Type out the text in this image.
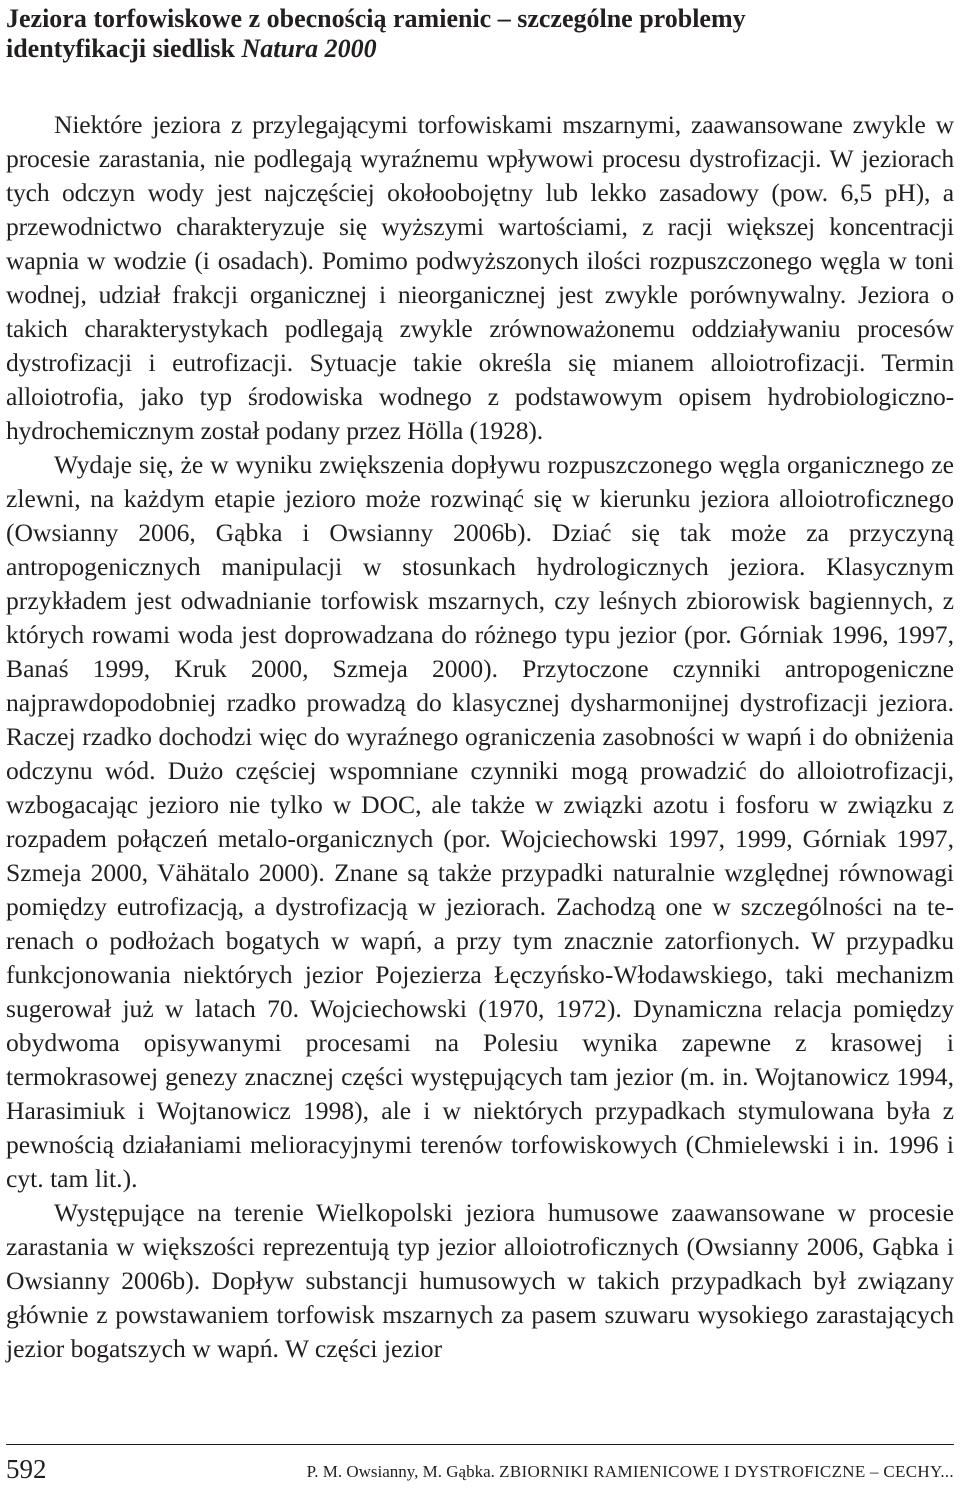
Jeziora torfowiskowe z obecnością ramienic – szczególne problemy
identyfikacji siedlisk Natura 2000

Niektóre jeziora z przylegającymi torfowiskami mszarnymi, zaawansowane zwykle w procesie zarastania, nie podlegają wyraźnemu wpływowi procesu dystrofizacji. W jeziorach tych odczyn wody jest najczęściej okołoobojętny lub lekko zasadowy (pow. 6,5 pH), a przewodnictwo charakteryzuje się wyższymi wartościami, z racji większej koncentracji wapnia w wodzie (i osadach). Pomimo podwyższonych ilości rozpuszczonego węgla w toni wodnej, udział frakcji organicznej i nieorganicznej jest zwykle porównywalny. Jeziora o takich charakterystykach podlegają zwykle zrównoważonemu oddziaływaniu procesów dystrofizacji i eutrofizacji. Sytuacje takie określa się mianem alloiotrofizacji. Termin alloiotrofia, jako typ środowiska wodnego z podstawowym opisem hydrobiologiczno-hydrochemicznym został podany przez Hölla (1928).

Wydaje się, że w wyniku zwiększenia dopływu rozpuszczonego węgla organicznego ze zlewni, na każdym etapie jezioro może rozwinąć się w kierunku jeziora alloiotroficznego (Owsianny 2006, Gąbka i Owsianny 2006b). Dziać się tak może za przyczyną antropogenicznych manipulacji w stosunkach hydrologicznych jeziora. Klasycznym przykładem jest odwadnianie torfowisk mszarnych, czy leśnych zbiorowisk bagiennych, z których rowami woda jest doprowadzana do różnego typu jezior (por. Górniak 1996, 1997, Banaś 1999, Kruk 2000, Szmeja 2000). Przytoczone czynniki antropogeniczne najprawdopodobniej rzadko prowadzą do klasycznej dysharmonijnej dystrofizacji jeziora. Raczej rzadko dochodzi więc do wyraźnego ograniczenia zasobności w wapń i do obniżenia odczynu wód. Dużo częściej wspomniane czynniki mogą prowadzić do alloiotrofizacji, wzbogacając jezioro nie tylko w DOC, ale także w związki azotu i fosforu w związku z rozpadem połączeń metalo-organicznych (por. Wojciechowski 1997, 1999, Górniak 1997, Szmeja 2000, Vähätalo 2000). Znane są także przypadki naturalnie względnej równowagi pomiędzy eutrofizacją, a dystrofizacją w jeziorach. Zachodzą one w szczególności na terenach o podłożach bogatych w wapń, a przy tym znacznie zatorfionych. W przypadku funkcjonowania niektórych jezior Pojezierza Łęczyńsko-Włodawskiego, taki mechanizm sugerował już w latach 70. Wojciechowski (1970, 1972). Dynamiczna relacja pomiędzy obydwoma opisywanymi procesami na Polesiu wynika zapewne z krasowej i termokrasowej genezy znacznej części występujących tam jezior (m. in. Wojtanowicz 1994, Harasimiuk i Wojtanowicz 1998), ale i w niektórych przypadkach stymulowana była z pewnością działaniami melioracyjnymi terenów torfowiskowych (Chmielewski i in. 1996 i cyt. tam lit.).

Występujące na terenie Wielkopolski jeziora humusowe zaawansowane w procesie zarastania w większości reprezentują typ jezior alloiotroficznych (Owsianny 2006, Gąbka i Owsianny 2006b). Dopływ substancji humusowych w takich przypadkach był związany głównie z powstawaniem torfowisk mszarnych za pasem szuwaru wysokiego zarastających jezior bogatszych w wapń. W części jezior

592	P. M. Owsianny, M. Gąbka. ZBIORNIKI RAMIENICOWE I DYSTROFICZNE – CECHY...
